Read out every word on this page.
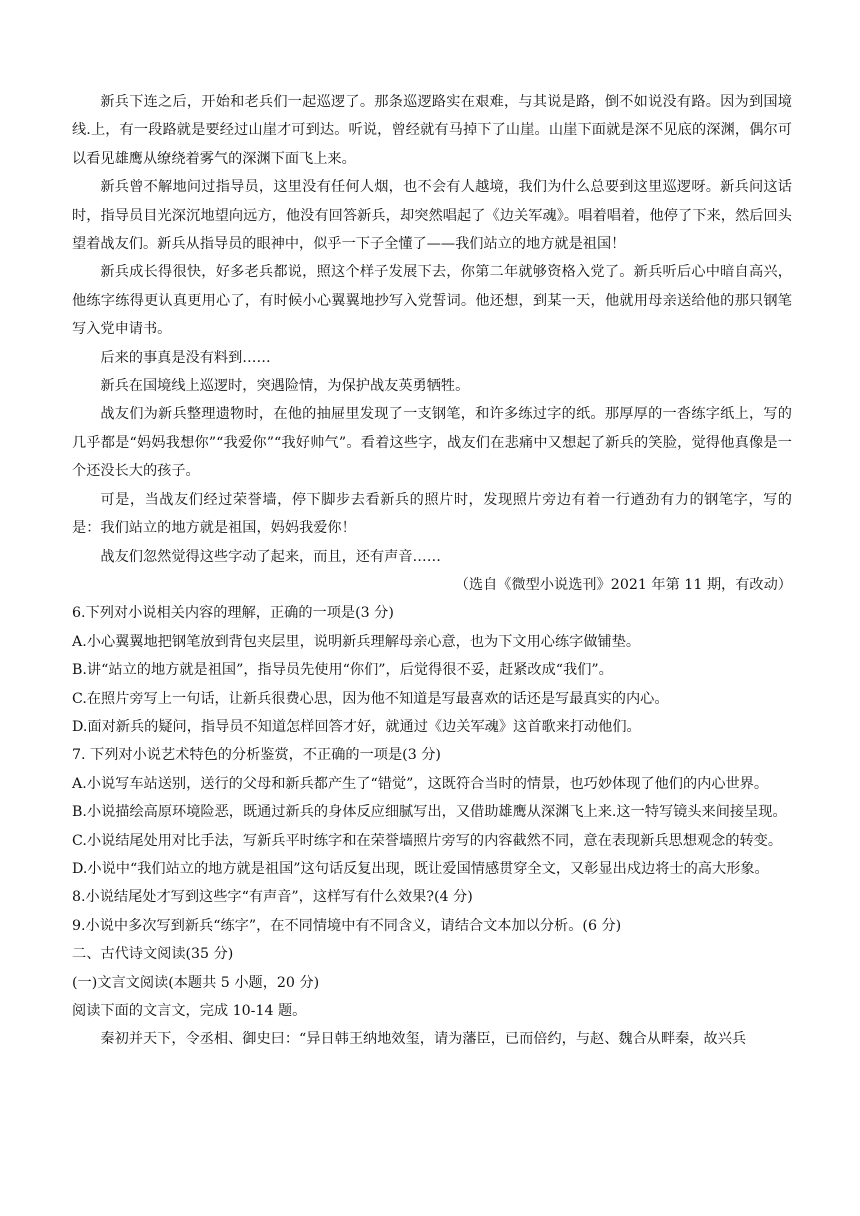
新兵下连之后，开始和老兵们一起巡逻了。那条巡逻路实在艰难，与其说是路，倒不如说没有路。因为到国境线.上，有一段路就是要经过山崖才可到达。听说，曾经就有马掉下了山崖。山崖下面就是深不见底的深渊，偶尔可以看见雄鹰从缭绕着雾气的深渊下面飞上来。

新兵曾不解地问过指导员，这里没有任何人烟，也不会有人越境，我们为什么总要到这里巡逻呀。新兵问这话时，指导员目光深沉地望向远方，他没有回答新兵，却突然唱起了《边关军魂》。唱着唱着，他停了下来，然后回头望着战友们。新兵从指导员的眼神中，似乎一下子全懂了——我们站立的地方就是祖国！

新兵成长得很快，好多老兵都说，照这个样子发展下去，你第二年就够资格入党了。新兵听后心中暗自高兴，他练字练得更认真更用心了，有时候小心翼翼地抄写入党誓词。他还想，到某一天，他就用母亲送给他的那只钢笔写入党申请书。

后来的事真是没有料到……

新兵在国境线上巡逻时，突遇险情，为保护战友英勇牺牲。

战友们为新兵整理遗物时，在他的抽屉里发现了一支钢笔，和许多练过字的纸。那厚厚的一沓练字纸上，写的几乎都是“妈妈我想你”“我爱你”“我好帅气”。看着这些字，战友们在悲痛中又想起了新兵的笑脸，觉得他真像是一个还没长大的孩子。

可是，当战友们经过荣誉墙，停下脚步去看新兵的照片时，发现照片旁边有着一行遒劲有力的钢笔字，写的是：我们站立的地方就是祖国，妈妈我爱你！

战友们忽然觉得这些字动了起来，而且，还有声音……

（选自《微型小说选刊》2021 年第 11 期，有改动）

6.下列对小说相关内容的理解，正确的一项是(3 分)

A.小心翼翼地把钢笔放到背包夹层里，说明新兵理解母亲心意，也为下文用心练字做铺垫。

B.讲“站立的地方就是祖国”，指导员先使用“你们”，后觉得很不妥，赶紧改成“我们”。

C.在照片旁写上一句话，让新兵很费心思，因为他不知道是写最喜欢的话还是写最真实的内心。

D.面对新兵的疑问，指导员不知道怎样回答才好，就通过《边关军魂》这首歌来打动他们。

7. 下列对小说艺术特色的分析鉴赏，不正确的一项是(3 分)

A.小说写车站送别，送行的父母和新兵都产生了“错觉”，这既符合当时的情景，也巧妙体现了他们的内心世界。

B.小说描绘高原环境险恶，既通过新兵的身体反应细腻写出，又借助雄鹰从深渊飞上来.这一特写镜头来间接呈现。

C.小说结尾处用对比手法，写新兵平时练字和在荣誉墙照片旁写的内容截然不同，意在表现新兵思想观念的转变。

D.小说中“我们站立的地方就是祖国”这句话反复出现，既让爱国情感贯穿全文，又彰显出戍边将士的高大形象。

8.小说结尾处才写到这些字“有声音”，这样写有什么效果?(4 分)

9.小说中多次写到新兵“练字”，在不同情境中有不同含义，请结合文本加以分析。(6 分)

二、古代诗文阅读(35 分)

(一)文言文阅读(本题共 5 小题，20 分)

阅读下面的文言文，完成 10-14 题。

秦初并天下，令丞相、御史曰：“异日韩王纳地效玺，请为藩臣，已而倍约，与赵、魏合从畔秦，故兴兵
